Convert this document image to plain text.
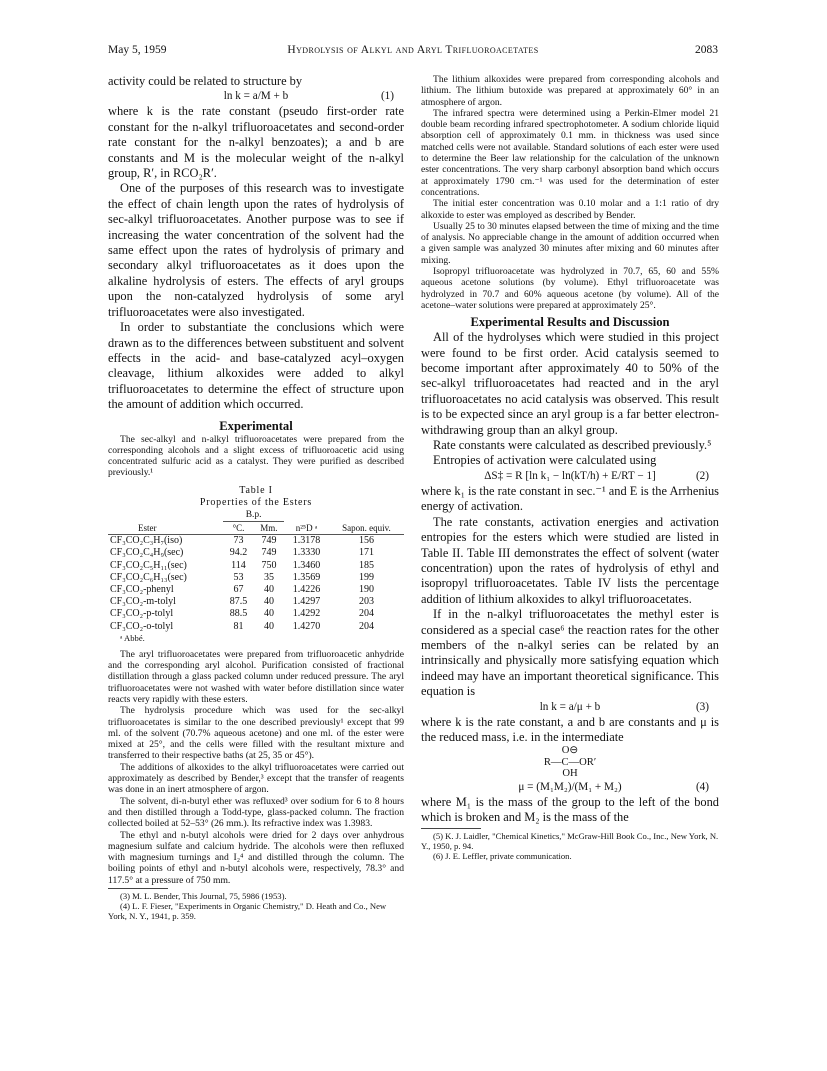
May 5, 1959	Hydrolysis of Alkyl and Aryl Trifluoroacetates	2083

activity could be related to structure by

ln k = a/M + b	(1)

where k is the rate constant (pseudo first-order rate constant for the n-alkyl trifluoroacetates and second-order rate constant for the n-alkyl benzoates); a and b are constants and M is the molecular weight of the n-alkyl group, R′, in RCO₂R′.

One of the purposes of this research was to investigate the effect of chain length upon the rates of hydrolysis of sec-alkyl trifluoroacetates. Another purpose was to see if increasing the water concentration of the solvent had the same effect upon the rates of hydrolysis of primary and secondary alkyl trifluoroacetates as it does upon the alkaline hydrolysis of esters. The effects of aryl groups upon the non-catalyzed hydrolysis of some aryl trifluoroacetates were also investigated.

In order to substantiate the conclusions which were drawn as to the differences between substituent and solvent effects in the acid- and base-catalyzed acyl–oxygen cleavage, lithium alkoxides were added to alkyl trifluoroacetates to determine the effect of structure upon the amount of addition which occurred.

Experimental

The sec-alkyl and n-alkyl trifluoroacetates were prepared from the corresponding alcohols and a slight excess of trifluoroacetic acid using concentrated sulfuric acid as a catalyst. They were purified as described previously.¹

Table I
Properties of the Esters
	B.p.			
Ester	°C.	Mm.	n²⁵D ᵃ	Sapon. equiv.
CF₃CO₂C₃H₇(iso)	73	749	1.3178	156
CF₃CO₂C₄H₉(sec)	94.2	749	1.3330	171
CF₃CO₂C₅H₁₁(sec)	114	750	1.3460	185
CF₃CO₂C₆H₁₃(sec)	53	35	1.3569	199
CF₃CO₂-phenyl	67	40	1.4226	190
CF₃CO₂-m-tolyl	87.5	40	1.4297	203
CF₃CO₂-p-tolyl	88.5	40	1.4292	204
CF₃CO₂-o-tolyl	81	40	1.4270	204
ᵃ Abbé.

The aryl trifluoroacetates were prepared from trifluoroacetic anhydride and the corresponding aryl alcohol. Purification consisted of fractional distillation through a glass packed column under reduced pressure. The aryl trifluoroacetates were not washed with water before distillation since water reacts very rapidly with these esters.

The hydrolysis procedure which was used for the sec-alkyl trifluoroacetates is similar to the one described previously¹ except that 99 ml. of the solvent (70.7% aqueous acetone) and one ml. of the ester were mixed at 25°, and the cells were filled with the resultant mixture and transferred to their respective baths (at 25, 35 or 45°).

The additions of alkoxides to the alkyl trifluoroacetates were carried out approximately as described by Bender,³ except that the transfer of reagents was done in an inert atmosphere of argon.

The solvent, di-n-butyl ether was refluxed³ over sodium for 6 to 8 hours and then distilled through a Todd-type, glass-packed column. The fraction collected boiled at 52–53° (26 mm.). Its refractive index was 1.3983.

The ethyl and n-butyl alcohols were dried for 2 days over anhydrous magnesium sulfate and calcium hydride. The alcohols were then refluxed with magnesium turnings and I₂⁴ and distilled through the column. The boiling points of ethyl and n-butyl alcohols were, respectively, 78.3° and 117.5° at a pressure of 750 mm.

(3) M. L. Bender, This Journal, 75, 5986 (1953).

(4) L. F. Fieser, "Experiments in Organic Chemistry," D. Heath and Co., New York, N. Y., 1941, p. 359.

The lithium alkoxides were prepared from corresponding alcohols and lithium. The lithium butoxide was prepared at approximately 60° in an atmosphere of argon.

The infrared spectra were determined using a Perkin-Elmer model 21 double beam recording infrared spectrophotometer. A sodium chloride liquid absorption cell of approximately 0.1 mm. in thickness was used since matched cells were not available. Standard solutions of each ester were used to determine the Beer law relationship for the calculation of the unknown ester concentrations. The very sharp carbonyl absorption band which occurs at approximately 1790 cm.⁻¹ was used for the determination of ester concentrations.

The initial ester concentration was 0.10 molar and a 1:1 ratio of dry alkoxide to ester was employed as described by Bender.

Usually 25 to 30 minutes elapsed between the time of mixing and the time of analysis. No appreciable change in the amount of addition occurred when a given sample was analyzed 30 minutes after mixing and 60 minutes after mixing.

Isopropyl trifluoroacetate was hydrolyzed in 70.7, 65, 60 and 55% aqueous acetone solutions (by volume). Ethyl trifluoroacetate was hydrolyzed in 70.7 and 60% aqueous acetone (by volume). All of the acetone–water solutions were prepared at approximately 25°.

Experimental Results and Discussion

All of the hydrolyses which were studied in this project were found to be first order. Acid catalysis seemed to become important after approximately 40 to 50% of the sec-alkyl trifluoroacetates had reacted and in the aryl trifluoroacetates no acid catalysis was observed. This result is to be expected since an aryl group is a far better electron-withdrawing group than an alkyl group.

Rate constants were calculated as described previously.⁵

Entropies of activation were calculated using

ΔS‡ = R [ln k₁ − ln(kT/h) + E/RT − 1]	(2)

where k₁ is the rate constant in sec.⁻¹ and E is the Arrhenius energy of activation.

The rate constants, activation energies and activation entropies for the esters which were studied are listed in Table II. Table III demonstrates the effect of solvent (water concentration) upon the rates of hydrolysis of ethyl and isopropyl trifluoroacetates. Table IV lists the percentage addition of lithium alkoxides to alkyl trifluoroacetates.

If in the n-alkyl trifluoroacetates the methyl ester is considered as a special case⁶ the reaction rates for the other members of the n-alkyl series can be related by an intrinsically and physically more satisfying equation which indeed may have an important theoretical significance. This equation is

ln k = a/μ + b	(3)

where k is the rate constant, a and b are constants and μ is the reduced mass, i.e. in the intermediate

O⊖
R—C—OR′
OH
μ = (M₁M₂)/(M₁ + M₂)	(4)

where M₁ is the mass of the group to the left of the bond which is broken and M₂ is the mass of the

(5) K. J. Laidler, "Chemical Kinetics," McGraw-Hill Book Co., Inc., New York, N. Y., 1950, p. 94.

(6) J. E. Leffler, private communication.
